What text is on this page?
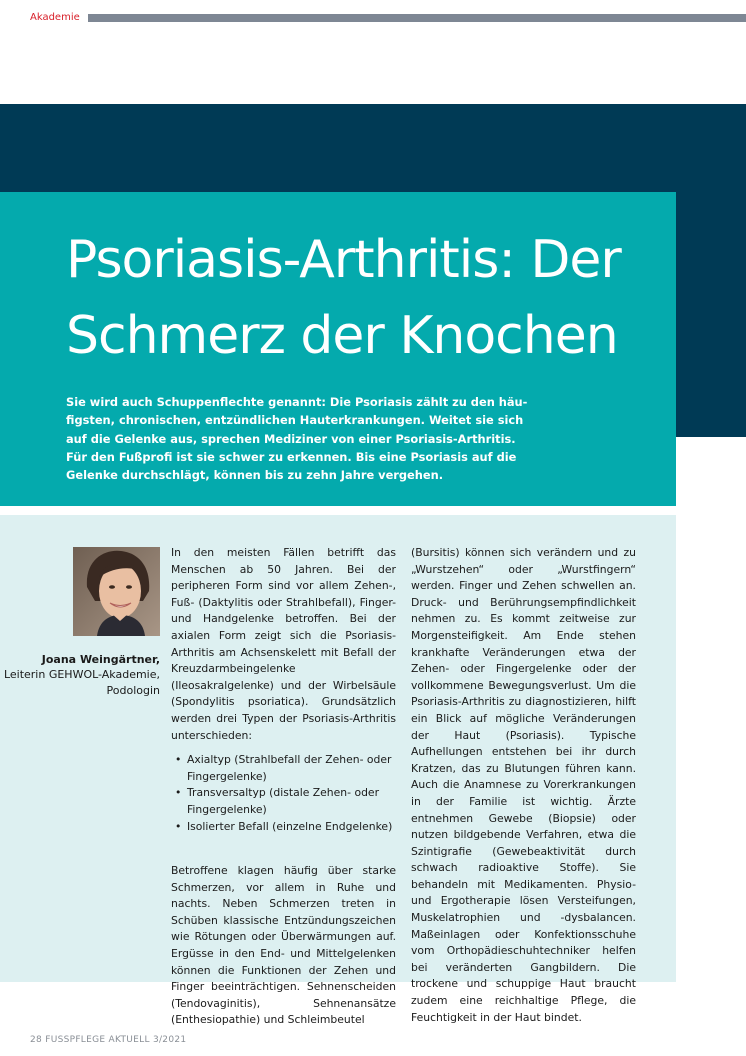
Akademie
Psoriasis-Arthritis: Der
Schmerz der Knochen
Sie wird auch Schuppenflechte genannt: Die Psoriasis zählt zu den häu-
figsten, chronischen, entzündlichen Hauterkrankungen. Weitet sie sich
auf die Gelenke aus, sprechen Mediziner von einer Psoriasis-Arthritis.
Für den Fußprofi ist sie schwer zu erkennen. Bis eine Psoriasis auf die
Gelenke durchschlägt, können bis zu zehn Jahre vergehen.
Joana Weingärtner,
Leiterin GEHWOL-Akademie,
Podologin

In den meisten Fällen betrifft das Menschen ab 50 Jahren. Bei der peripheren Form sind vor allem Zehen-, Fuß- (Daktylitis oder Strahlbefall), Finger- und Handgelenke betroffen. Bei der axialen Form zeigt sich die Psoriasis-Arthritis am Achsenskelett mit Befall der Kreuzdarmbeingelenke (Ileosakralgelenke) und der Wirbelsäule (Spondylitis psoriatica). Grundsätzlich werden drei Typen der Psoriasis-Arthritis unterschieden:

• Axialtyp (Strahlbefall der Zehen- oder Fingergelenke)
• Transversaltyp (distale Zehen- oder Fingergelenke)
• Isolierter Befall (einzelne Endgelenke)

Betroffene klagen häufig über starke Schmerzen, vor allem in Ruhe und nachts. Neben Schmerzen treten in Schüben klassische Entzündungszeichen wie Rötungen oder Überwärmungen auf. Ergüsse in den End- und Mittelgelenken können die Funktionen der Zehen und Finger beeinträchtigen. Sehnenscheiden (Tendovaginitis), Sehnenansätze (Enthesiopathie) und Schleimbeutel

(Bursitis) können sich verändern und zu „Wurstzehen“ oder „Wurstfingern“ werden. Finger und Zehen schwellen an. Druck- und Berührungsempfindlichkeit nehmen zu. Es kommt zeitweise zur Morgensteifigkeit. Am Ende stehen krankhafte Veränderungen etwa der Zehen- oder Fingergelenke oder der vollkommene Bewegungsverlust. Um die Psoriasis-Arthritis zu diagnostizieren, hilft ein Blick auf mögliche Veränderungen der Haut (Psoriasis). Typische Aufhellungen entstehen bei ihr durch Kratzen, das zu Blutungen führen kann. Auch die Anamnese zu Vorerkrankungen in der Familie ist wichtig. Ärzte entnehmen Gewebe (Biopsie) oder nutzen bildgebende Verfahren, etwa die Szintigrafie (Gewebeaktivität durch schwach radioaktive Stoffe). Sie behandeln mit Medikamenten. Physio- und Ergotherapie lösen Versteifungen, Muskelatrophien und -dysbalancen. Maßeinlagen oder Konfektionsschuhe vom Orthopädieschuhtechniker helfen bei veränderten Gangbildern. Die trockene und schuppige Haut braucht zudem eine reichhaltige Pflege, die Feuchtigkeit in der Haut bindet.

28 FUSSPFLEGE AKTUELL 3/2021
